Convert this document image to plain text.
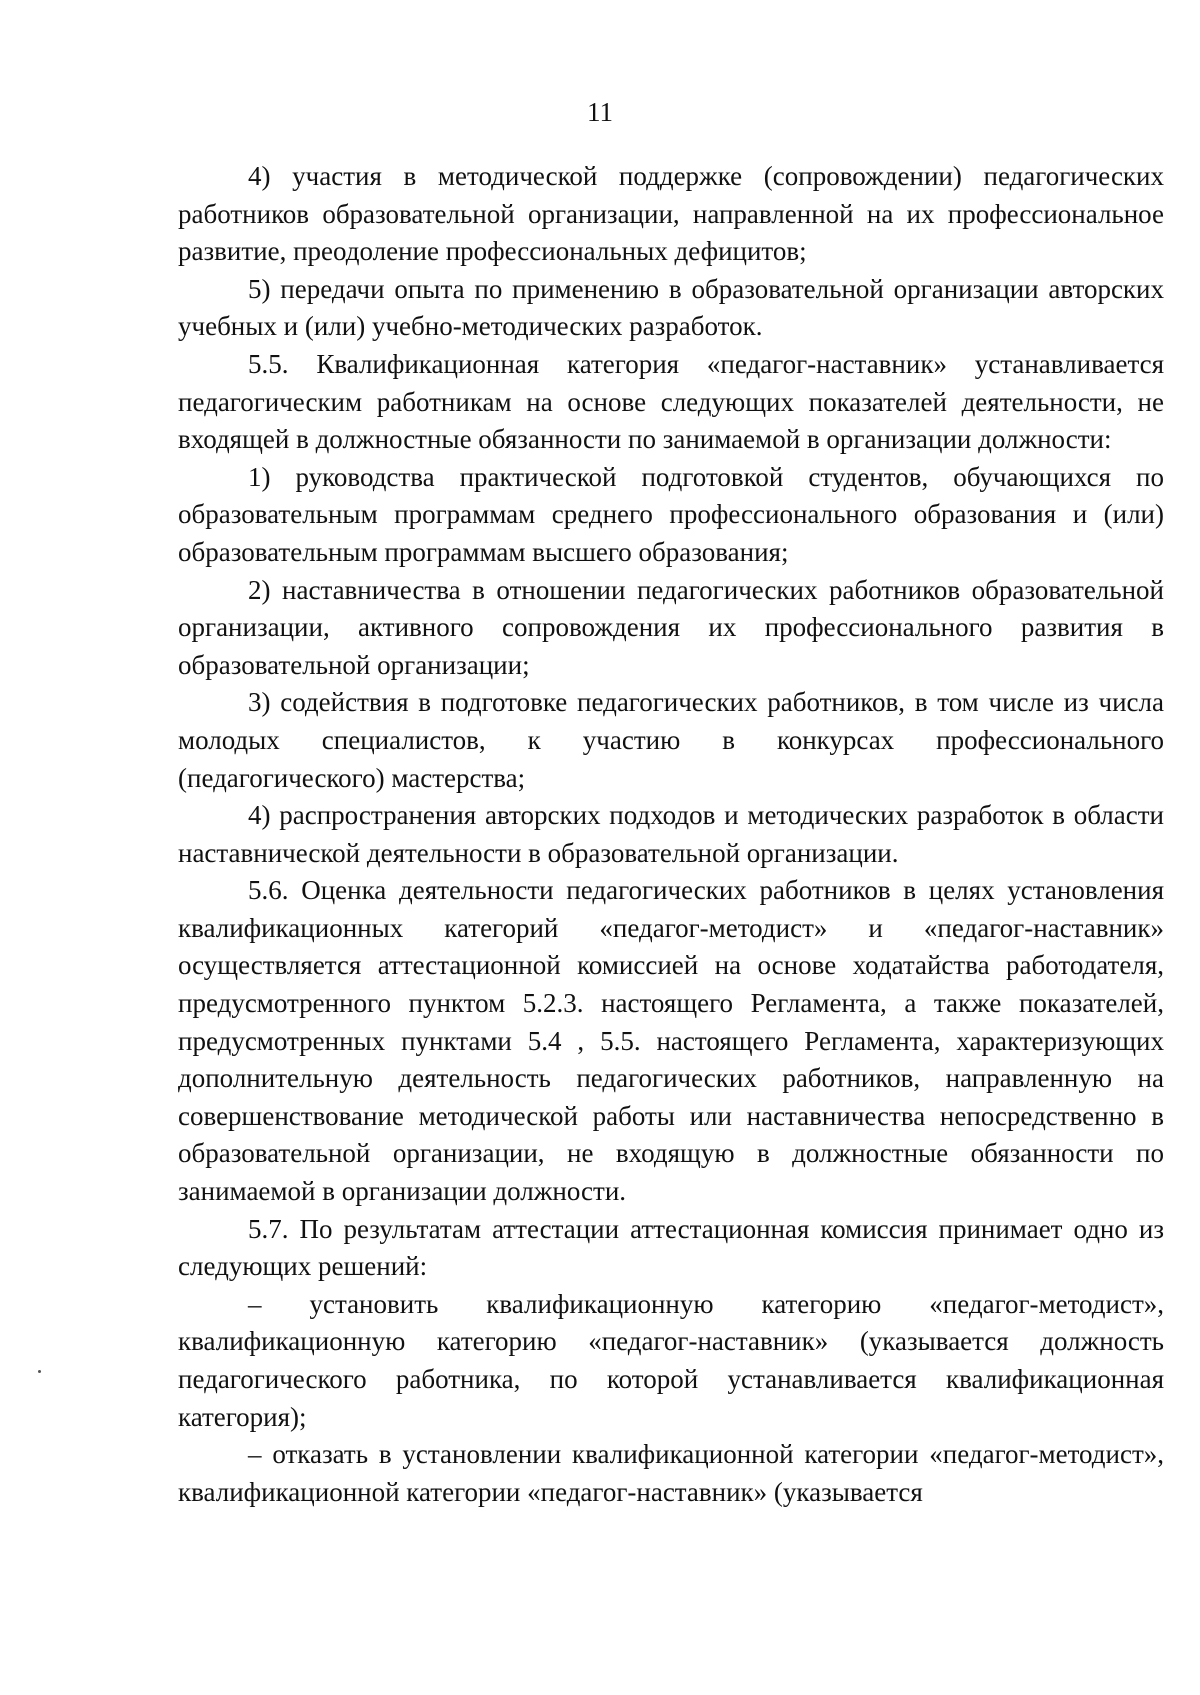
11

4) участия в методической поддержке (сопровождении) педагогических работников образовательной организации, направленной на их профессиональное развитие, преодоление профессиональных дефицитов;

5) передачи опыта по применению в образовательной организации авторских учебных и (или) учебно-методических разработок.

5.5. Квалификационная категория «педагог-наставник» устанавливается педагогическим работникам на основе следующих показателей деятельности, не входящей в должностные обязанности по занимаемой в организации должности:

1) руководства практической подготовкой студентов, обучающихся по образовательным программам среднего профессионального образования и (или) образовательным программам высшего образования;

2) наставничества в отношении педагогических работников образовательной организации, активного сопровождения их профессионального развития в образовательной организации;

3) содействия в подготовке педагогических работников, в том числе из числа молодых специалистов, к участию в конкурсах профессионального (педагогического) мастерства;

4) распространения авторских подходов и методических разработок в области наставнической деятельности в образовательной организации.

5.6. Оценка деятельности педагогических работников в целях установления квалификационных категорий «педагог-методист» и «педагог-наставник» осуществляется аттестационной комиссией на основе ходатайства работодателя, предусмотренного пунктом 5.2.3. настоящего Регламента, а также показателей, предусмотренных пунктами 5.4 , 5.5. настоящего Регламента, характеризующих дополнительную деятельность педагогических работников, направленную на совершенствование методической работы или наставничества непосредственно в образовательной организации, не входящую в должностные обязанности по занимаемой в организации должности.

5.7. По результатам аттестации аттестационная комиссия принимает одно из следующих решений:

– установить квалификационную категорию «педагог-методист», квалификационную категорию «педагог-наставник» (указывается должность педагогического работника, по которой устанавливается квалификационная категория);

– отказать в установлении квалификационной категории «педагог-методист», квалификационной категории «педагог-наставник» (указывается
